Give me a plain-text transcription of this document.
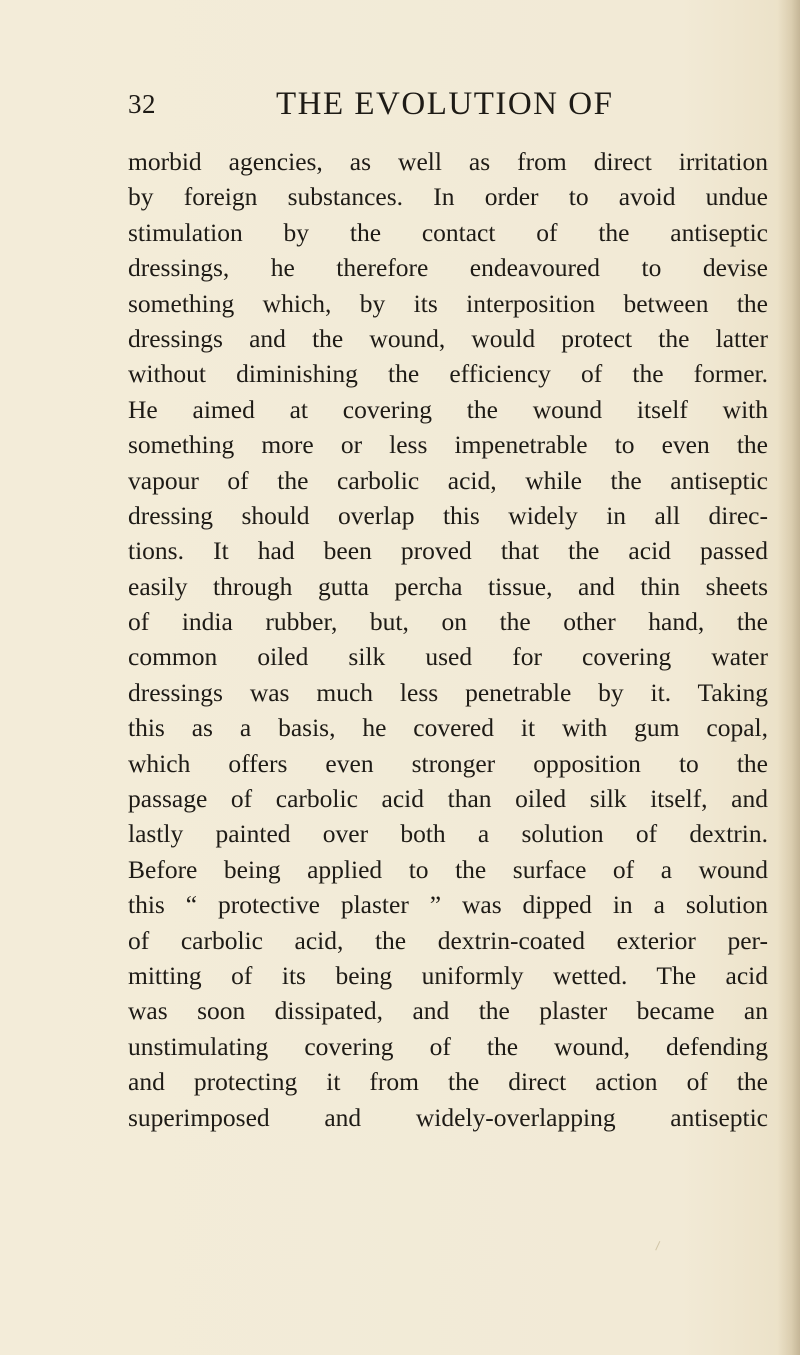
32	THE EVOLUTION OF
morbid agencies, as well as from direct irritation
by foreign substances. In order to avoid undue
stimulation by the contact of the antiseptic
dressings, he therefore endeavoured to devise
something which, by its interposition between the
dressings and the wound, would protect the latter
without diminishing the efficiency of the former.
He aimed at covering the wound itself with
something more or less impenetrable to even the
vapour of the carbolic acid, while the antiseptic
dressing should overlap this widely in all direc-
tions. It had been proved that the acid passed
easily through gutta percha tissue, and thin sheets
of india rubber, but, on the other hand, the
common oiled silk used for covering water
dressings was much less penetrable by it. Taking
this as a basis, he covered it with gum copal,
which offers even stronger opposition to the
passage of carbolic acid than oiled silk itself, and
lastly painted over both a solution of dextrin.
Before being applied to the surface of a wound
this “ protective plaster ” was dipped in a solution
of carbolic acid, the dextrin-coated exterior per-
mitting of its being uniformly wetted. The acid
was soon dissipated, and the plaster became an
unstimulating covering of the wound, defending
and protecting it from the direct action of the
superimposed and widely-overlapping antiseptic
